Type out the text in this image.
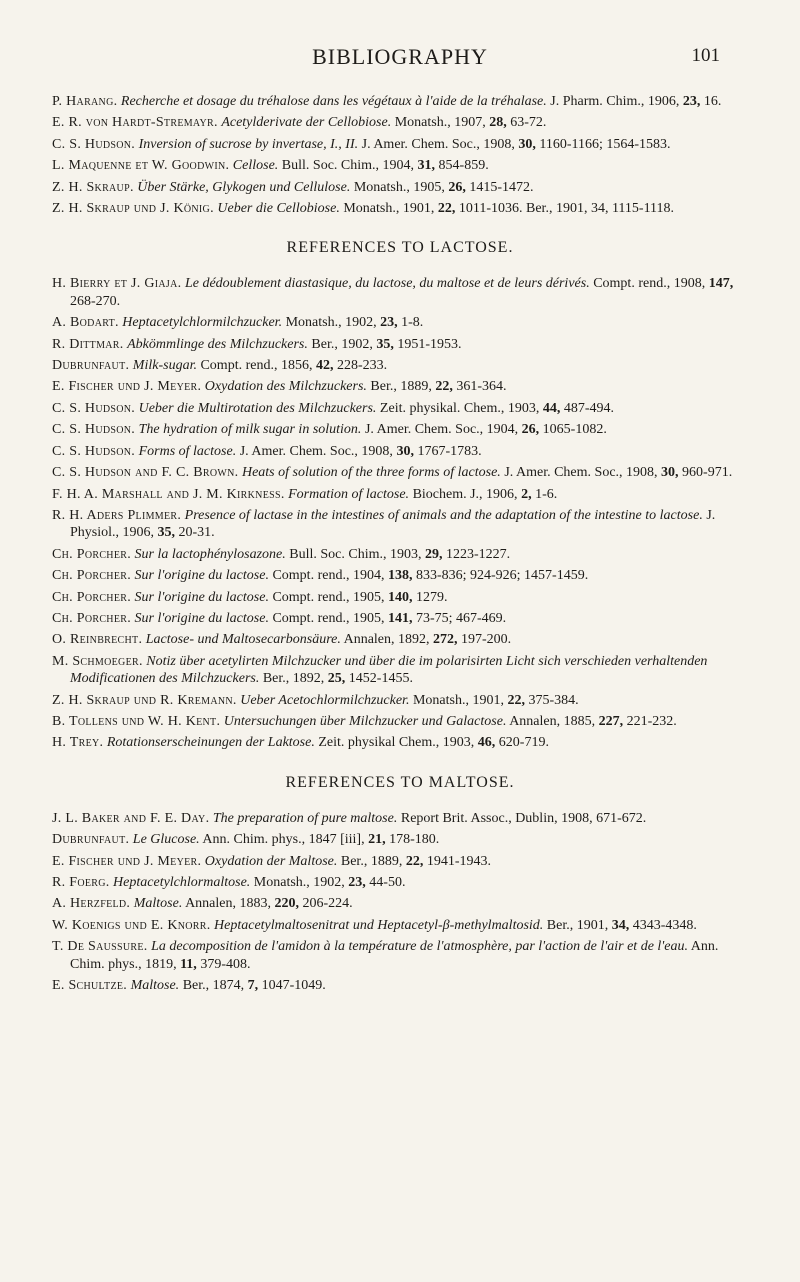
BIBLIOGRAPHY	101
P. Harang. Recherche et dosage du tréhalose dans les végétaux à l'aide de la tréhalase. J. Pharm. Chim., 1906, 23, 16.
E. R. von Hardt-Stremayr. Acetylderivate der Cellobiose. Monatsh., 1907, 28, 63-72.
C. S. Hudson. Inversion of sucrose by invertase, I., II. J. Amer. Chem. Soc., 1908, 30, 1160-1166; 1564-1583.
L. Maquenne et W. Goodwin. Cellose. Bull. Soc. Chim., 1904, 31, 854-859.
Z. H. Skraup. Über Stärke, Glykogen und Cellulose. Monatsh., 1905, 26, 1415-1472.
Z. H. Skraup und J. König. Ueber die Cellobiose. Monatsh., 1901, 22, 1011-1036. Ber., 1901, 34, 1115-1118.
REFERENCES TO LACTOSE.
H. Bierry et J. Giaja. Le dédoublement diastasique, du lactose, du maltose et de leurs dérivés. Compt. rend., 1908, 147, 268-270.
A. Bodart. Heptacetylchlormilchzucker. Monatsh., 1902, 23, 1-8.
R. Dittmar. Abkömmlinge des Milchzuckers. Ber., 1902, 35, 1951-1953.
Dubrunfaut. Milk-sugar. Compt. rend., 1856, 42, 228-233.
E. Fischer und J. Meyer. Oxydation des Milchzuckers. Ber., 1889, 22, 361-364.
C. S. Hudson. Ueber die Multirotation des Milchzuckers. Zeit. physikal. Chem., 1903, 44, 487-494.
C. S. Hudson. The hydration of milk sugar in solution. J. Amer. Chem. Soc., 1904, 26, 1065-1082.
C. S. Hudson. Forms of lactose. J. Amer. Chem. Soc., 1908, 30, 1767-1783.
C. S. Hudson and F. C. Brown. Heats of solution of the three forms of lactose. J. Amer. Chem. Soc., 1908, 30, 960-971.
F. H. A. Marshall and J. M. Kirkness. Formation of lactose. Biochem. J., 1906, 2, 1-6.
R. H. Aders Plimmer. Presence of lactase in the intestines of animals and the adaptation of the intestine to lactose. J. Physiol., 1906, 35, 20-31.
Ch. Porcher. Sur la lactophénylosazone. Bull. Soc. Chim., 1903, 29, 1223-1227.
Ch. Porcher. Sur l'origine du lactose. Compt. rend., 1904, 138, 833-836; 924-926; 1457-1459.
Ch. Porcher. Sur l'origine du lactose. Compt. rend., 1905, 140, 1279.
Ch. Porcher. Sur l'origine du lactose. Compt. rend., 1905, 141, 73-75; 467-469.
O. Reinbrecht. Lactose- und Maltosecarbonsäure. Annalen, 1892, 272, 197-200.
M. Schmoeger. Notiz über acetylirten Milchzucker und über die im polarisirten Licht sich verschieden verhaltenden Modificationen des Milchzuckers. Ber., 1892, 25, 1452-1455.
Z. H. Skraup und R. Kremann. Ueber Acetochlormilchzucker. Monatsh., 1901, 22, 375-384.
B. Tollens und W. H. Kent. Untersuchungen über Milchzucker und Galactose. Annalen, 1885, 227, 221-232.
H. Trey. Rotationserscheinungen der Laktose. Zeit. physikal Chem., 1903, 46, 620-719.
REFERENCES TO MALTOSE.
J. L. Baker and F. E. Day. The preparation of pure maltose. Report Brit. Assoc., Dublin, 1908, 671-672.
Dubrunfaut. Le Glucose. Ann. Chim. phys., 1847 [iii], 21, 178-180.
E. Fischer und J. Meyer. Oxydation der Maltose. Ber., 1889, 22, 1941-1943.
R. Foerg. Heptacetylchlormaltose. Monatsh., 1902, 23, 44-50.
A. Herzfeld. Maltose. Annalen, 1883, 220, 206-224.
W. Koenigs und E. Knorr. Heptacetylmaltosenitrat und Heptacetyl-β-methylmaltosid. Ber., 1901, 34, 4343-4348.
T. De Saussure. La decomposition de l'amidon à la température de l'atmosphère, par l'action de l'air et de l'eau. Ann. Chim. phys., 1819, 11, 379-408.
E. Schultze. Maltose. Ber., 1874, 7, 1047-1049.
